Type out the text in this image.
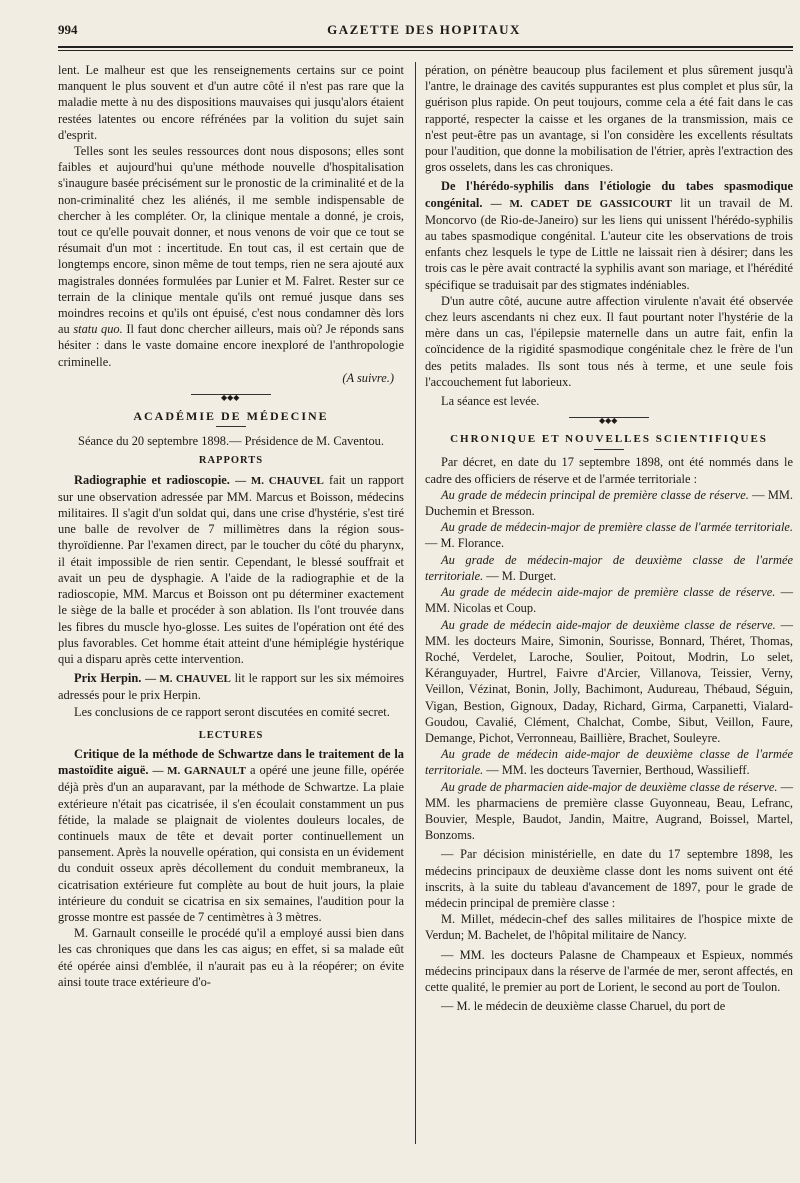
994	GAZETTE DES HOPITAUX

lent. Le malheur est que les renseignements certains sur ce point manquent le plus souvent et d'un autre côté il n'est pas rare que la maladie mette à nu des dispositions mauvaises qui jusqu'alors étaient restées latentes ou encore réfrénées par la volition du sujet sain d'esprit.

Telles sont les seules ressources dont nous disposons; elles sont faibles et aujourd'hui qu'une méthode nouvelle d'hospitalisation s'inaugure basée précisément sur le pronostic de la criminalité et de la non-criminalité chez les aliénés, il me semble indispensable de chercher à les compléter. Or, la clinique mentale a donné, je crois, tout ce qu'elle pouvait donner, et nous venons de voir que ce tout se résumait d'un mot : incertitude. En tout cas, il est certain que de longtemps encore, sinon même de tout temps, rien ne sera ajouté aux magistrales données formulées par Lunier et M. Falret. Rester sur ce terrain de la clinique mentale qu'ils ont remué jusque dans ses moindres recoins et qu'ils ont épuisé, c'est nous condamner dès lors au statu quo. Il faut donc chercher ailleurs, mais où? Je réponds sans hésiter : dans le vaste domaine encore inexploré de l'anthropologie criminelle.

(A suivre.)

◆◆◆
ACADÉMIE DE MÉDECINE

Séance du 20 septembre 1898.— Présidence de M. Caventou.

RAPPORTS

Radiographie et radioscopie. — M. CHAUVEL fait un rapport sur une observation adressée par MM. Marcus et Boisson, médecins militaires. Il s'agit d'un soldat qui, dans une crise d'hystérie, s'est tiré une balle de revolver de 7 millimètres dans la région sous-thyroïdienne. Par l'examen direct, par le toucher du côté du pharynx, il était impossible de rien sentir. Cependant, le blessé souffrait et avait un peu de dysphagie. A l'aide de la radiographie et de la radioscopie, MM. Marcus et Boisson ont pu déterminer exactement le siège de la balle et procéder à son ablation. Ils l'ont trouvée dans les fibres du muscle hyo-glosse. Les suites de l'opération ont été des plus favorables. Cet homme était atteint d'une hémiplégie hystérique qui a disparu après cette intervention.

Prix Herpin. — M. CHAUVEL lit le rapport sur les six mémoires adressés pour le prix Herpin.

Les conclusions de ce rapport seront discutées en comité secret.

LECTURES

Critique de la méthode de Schwartze dans le traitement de la mastoïdite aiguë. — M. GARNAULT a opéré une jeune fille, opérée déjà près d'un an auparavant, par la méthode de Schwartze. La plaie extérieure n'était pas cicatrisée, il s'en écoulait constamment un pus fétide, la malade se plaignait de violentes douleurs locales, de continuels maux de tête et devait porter continuellement un pansement. Après la nouvelle opération, qui consista en un évidement du conduit osseux après décollement du conduit membraneux, la cicatrisation extérieure fut complète au bout de huit jours, la plaie intérieure du conduit se cicatrisa en six semaines, l'audition pour la grosse montre est passée de 7 centimètres à 3 mètres.

M. Garnault conseille le procédé qu'il a employé aussi bien dans les cas chroniques que dans les cas aigus; en effet, si sa malade eût été opérée ainsi d'emblée, il n'aurait pas eu à la réopérer; on évite ainsi toute trace extérieure d'o-

pération, on pénètre beaucoup plus facilement et plus sûrement jusqu'à l'antre, le drainage des cavités suppurantes est plus complet et plus sûr, la guérison plus rapide. On peut toujours, comme cela a été fait dans le cas rapporté, respecter la caisse et les organes de la transmission, mais ce n'est peut-être pas un avantage, si l'on considère les excellents résultats pour l'audition, que donne la mobilisation de l'étrier, après l'extraction des gros osselets, dans les cas chroniques.

De l'hérédo-syphilis dans l'étiologie du tabes spasmodique congénital. — M. CADET DE GASSICOURT lit un travail de M. Moncorvo (de Rio-de-Janeiro) sur les liens qui unissent l'hérédo-syphilis au tabes spasmodique congénital. L'auteur cite les observations de trois enfants chez lesquels le type de Little ne laissait rien à désirer; dans les trois cas le père avait contracté la syphilis avant son mariage, et l'hérédité spécifique se traduisait par des stigmates indéniables.

D'un autre côté, aucune autre affection virulente n'avait été observée chez leurs ascendants ni chez eux. Il faut pourtant noter l'hystérie de la mère dans un cas, l'épilepsie maternelle dans un autre fait, enfin la coïncidence de la rigidité spasmodique congénitale chez le frère de l'un des petits malades. Ils sont tous nés à terme, et une seule fois l'accouchement fut laborieux.

La séance est levée.

◆◆◆
CHRONIQUE ET NOUVELLES SCIENTIFIQUES

Par décret, en date du 17 septembre 1898, ont été nommés dans le cadre des officiers de réserve et de l'armée territoriale :

Au grade de médecin principal de première classe de réserve. — MM. Duchemin et Bresson.

Au grade de médecin-major de première classe de l'armée territoriale. — M. Florance.

Au grade de médecin-major de deuxième classe de l'armée territoriale. — M. Durget.

Au grade de médecin aide-major de première classe de réserve. — MM. Nicolas et Coup.

Au grade de médecin aide-major de deuxième classe de réserve. — MM. les docteurs Maire, Simonin, Sourisse, Bonnard, Théret, Thomas, Roché, Verdelet, Laroche, Soulier, Poitout, Modrin, Lo selet, Kéranguyader, Hurtrel, Faivre d'Arcier, Villanova, Teissier, Verny, Veillon, Vézinat, Bonin, Jolly, Bachimont, Audureau, Thébaud, Séguin, Vigan, Bestion, Gignoux, Daday, Richard, Girma, Carpanetti, Vialard-Goudou, Cavalié, Clément, Chalchat, Combe, Sibut, Veillon, Faure, Demange, Pichot, Verronneau, Baillière, Brachet, Souleyre.

Au grade de médecin aide-major de deuxième classe de l'armée territoriale. — MM. les docteurs Tavernier, Berthoud, Wassilieff.

Au grade de pharmacien aide-major de deuxième classe de réserve. — MM. les pharmaciens de première classe Guyonneau, Beau, Lefranc, Bouvier, Mesple, Baudot, Jandin, Maitre, Augrand, Boissel, Martel, Bonzoms.

— Par décision ministérielle, en date du 17 septembre 1898, les médecins principaux de deuxième classe dont les noms suivent ont été inscrits, à la suite du tableau d'avancement de 1897, pour le grade de médecin principal de première classe :

M. Millet, médecin-chef des salles militaires de l'hospice mixte de Verdun; M. Bachelet, de l'hôpital militaire de Nancy.

— MM. les docteurs Palasne de Champeaux et Espieux, nommés médecins principaux dans la réserve de l'armée de mer, seront affectés, en cette qualité, le premier au port de Lorient, le second au port de Toulon.

— M. le médecin de deuxième classe Charuel, du port de
